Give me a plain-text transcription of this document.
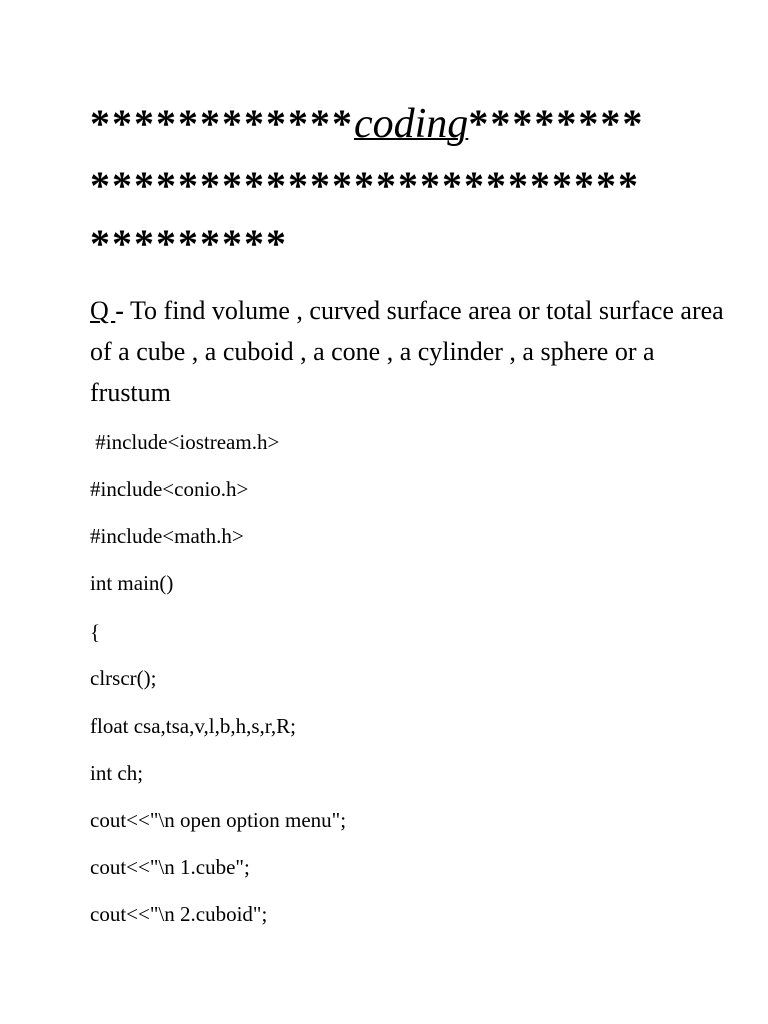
************coding********
*************************
*********
Q - To find volume , curved surface area or total surface area of a cube , a cuboid , a cone , a cylinder , a sphere or a frustum
#include<iostream.h>
#include<conio.h>
#include<math.h>
int main()
{
clrscr();
float csa,tsa,v,l,b,h,s,r,R;
int ch;
cout<<"\n open option menu";
cout<<"\n 1.cube";
cout<<"\n 2.cuboid";
